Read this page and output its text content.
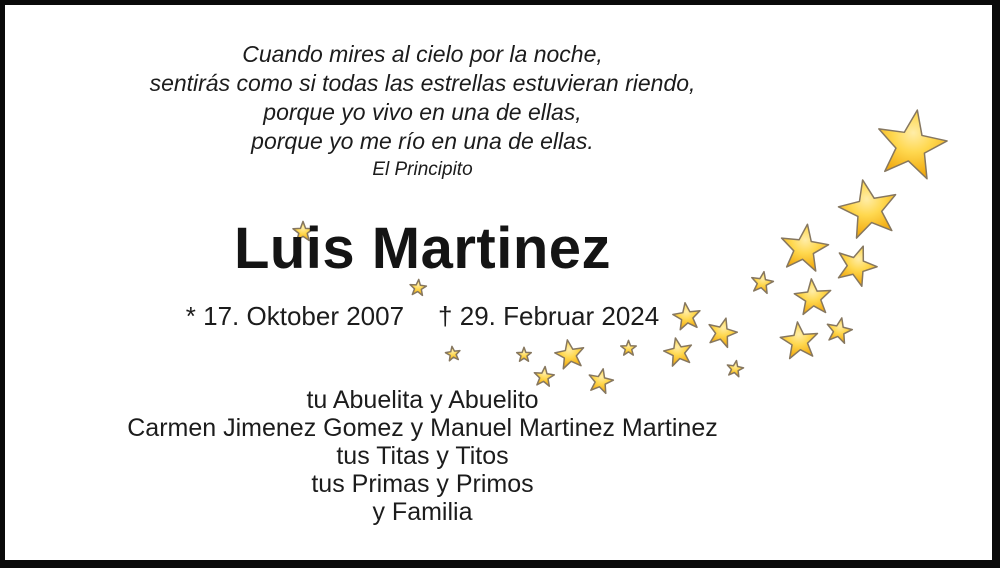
Cuando mires al cielo por la noche,
sentirás como si todas las estrellas estuvieran riendo,
porque yo vivo en una de ellas,
porque yo me río en una de ellas.
El Principito
Luis Martinez
* 17. Oktober 2007 † 29. Februar 2024
tu Abuelita y Abuelito
Carmen Jimenez Gomez y Manuel Martinez Martinez
tus Titas y Titos
tus Primas y Primos
y Familia
